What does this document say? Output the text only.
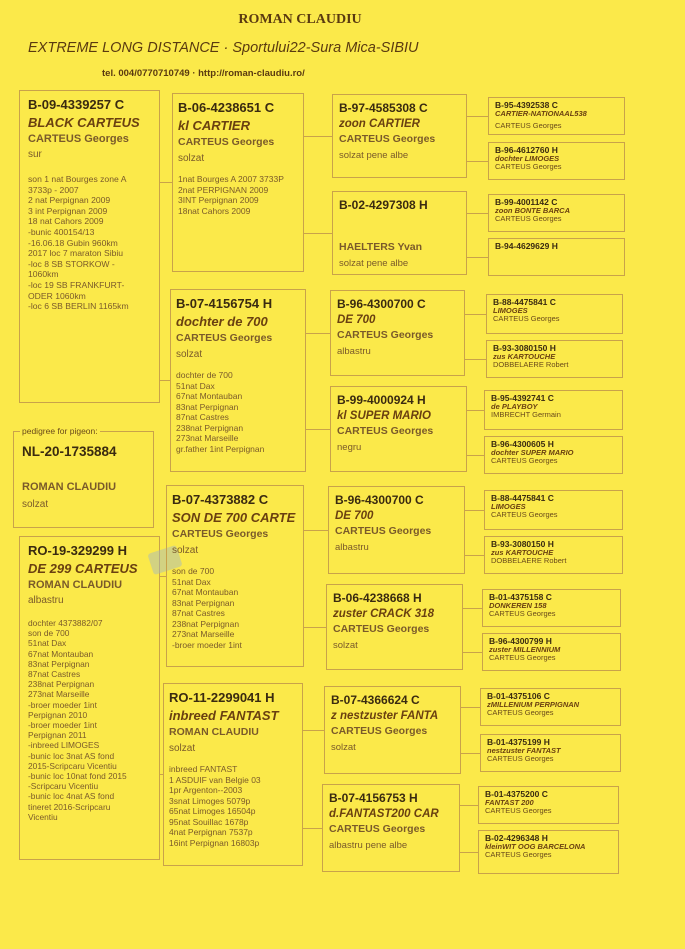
ROMAN CLAUDIU
EXTREME LONG DISTANCE · Sportului22-Sura Mica-SIBIU
tel. 004/0770710749 · http://roman-claudiu.ro/
B-09-4339257 C
BLACK CARTEUS
CARTEUS Georges
sur
son 1 nat Bourges zone A
3733p - 2007
2 nat Perpignan 2009
3 int Perpignan 2009
18 nat Cahors 2009
-bunic 400154/13
-16.06.18 Gubin 960km
2017 loc 7 maraton Sibiu
-loc 8 SB STORKOW -
1060km
-loc 19 SB FRANKFURT-
ODER 1060km
-loc 6 SB BERLIN 1165km
pedigree for pigeon:
NL-20-1735884
ROMAN CLAUDIU
solzat
RO-19-329299 H
DE 299 CARTEUS
ROMAN CLAUDIU
albastru
dochter 4373882/07
son de 700
51nat Dax
67nat Montauban
83nat Perpignan
87nat Castres
238nat Perpignan
273nat Marseille
-broer moeder 1int
Perpignan 2010
-broer moeder 1int
Perpignan 2011
-inbreed LIMOGES
-bunic loc 3nat AS fond
2015-Scripcaru Vicentiu
-bunic loc 10nat fond 2015
-Scripcaru Vicentiu
-bunic loc 4nat AS fond
tineret 2016-Scripcaru
Vicentiu
B-06-4238651 C
kl CARTIER
CARTEUS Georges
solzat
1nat Bourges A 2007 3733P
2nat PERPIGNAN 2009
3INT Perpignan 2009
18nat Cahors 2009
B-07-4156754 H
dochter de 700
CARTEUS Georges
solzat
dochter de 700
51nat Dax
67nat Montauban
83nat Perpignan
87nat Castres
238nat Perpignan
273nat Marseille
gr.father 1int Perpignan
B-07-4373882 C
SON DE 700 CARTE
CARTEUS Georges
solzat
son de 700
51nat Dax
67nat Montauban
83nat Perpignan
87nat Castres
238nat Perpignan
273nat Marseille
-broer moeder 1int
RO-11-2299041 H
inbreed FANTAST
ROMAN CLAUDIU
solzat
inbreed FANTAST
1 ASDUIF van Belgie 03
1pr Argenton--2003
3snat Limoges 5079p
65nat Limoges 16504p
95nat Souillac 1678p
4nat Perpignan 7537p
16int Perpignan 16803p
B-97-4585308 C
zoon CARTIER
CARTEUS Georges
solzat pene albe
B-02-4297308 H
HAELTERS Yvan
solzat pene albe
B-96-4300700 C
DE 700
CARTEUS Georges
albastru
B-99-4000924 H
kl SUPER MARIO
CARTEUS Georges
negru
B-96-4300700 C
DE 700
CARTEUS Georges
albastru
B-06-4238668 H
zuster CRACK 318
CARTEUS Georges
solzat
B-07-4366624 C
z nestzuster FANTA
CARTEUS Georges
solzat
B-07-4156753 H
d.FANTAST200 CAR
CARTEUS Georges
albastru pene albe
B-95-4392538 C
CARTIER-NATIONAAL538
CARTEUS Georges
B-96-4612760 H
dochter LIMOGES
CARTEUS Georges
B-99-4001142 C
zoon BONTE BARCA
CARTEUS Georges
B-94-4629629 H
B-88-4475841 C
LIMOGES
CARTEUS Georges
B-93-3080150 H
zus KARTOUCHE
DOBBELAERE Robert
B-95-4392741 C
de PLAYBOY
IMBRECHT Germain
B-96-4300605 H
dochter SUPER MARIO
CARTEUS Georges
B-88-4475841 C
LIMOGES
CARTEUS Georges
B-93-3080150 H
zus KARTOUCHE
DOBBELAERE Robert
B-01-4375158 C
DONKEREN 158
CARTEUS Georges
B-96-4300799 H
zuster MILLENNIUM
CARTEUS Georges
B-01-4375106 C
zMILLENIUM PERPIGNAN
CARTEUS Georges
B-01-4375199 H
nestzuster FANTAST
CARTEUS Georges
B-01-4375200 C
FANTAST 200
CARTEUS Georges
B-02-4296348 H
kleinWIT OOG BARCELONA
CARTEUS Georges
